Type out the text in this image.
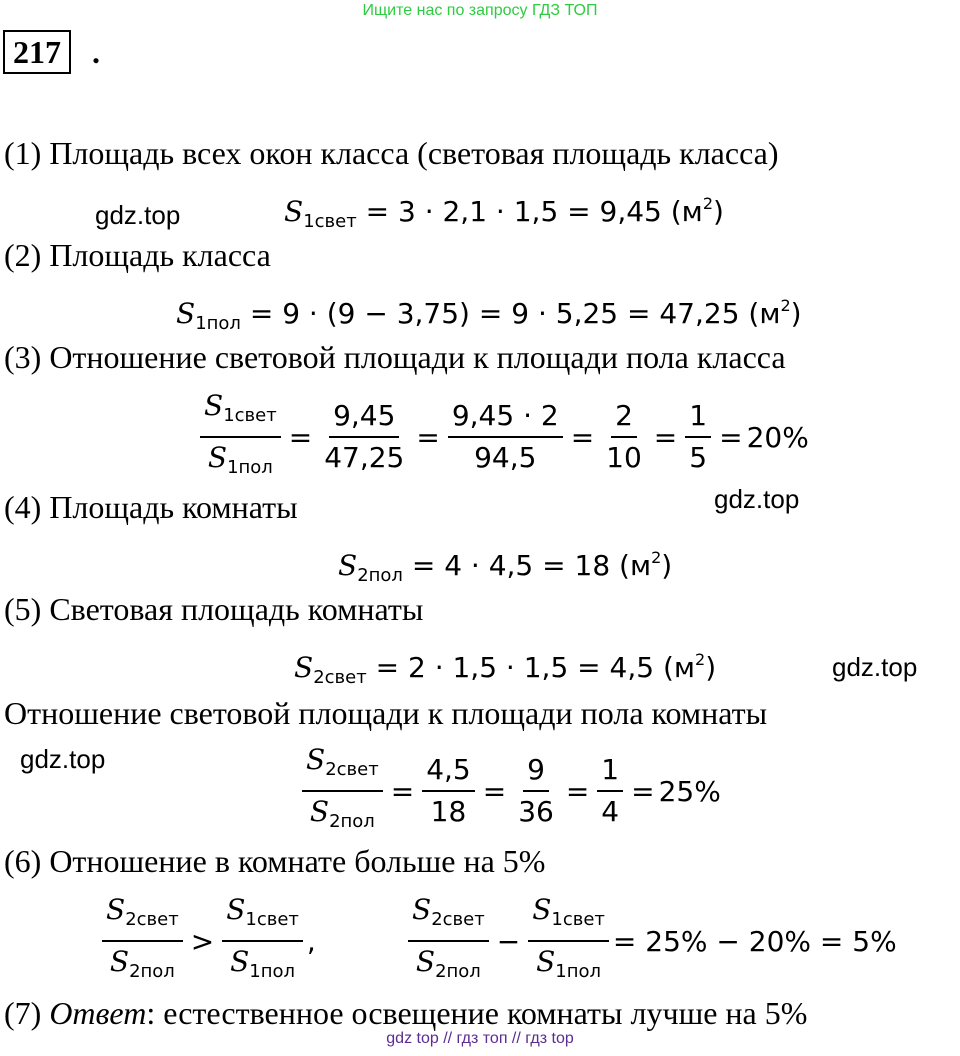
Ищите нас по запросу ГДЗ ТОП
217 .
(1) Площадь всех окон класса (световая площадь класса)
gdz.top	$S_{1свет} = 3 \cdot 2,1 \cdot 1,5 = 9,45$ $(м^2)$
(2) Площадь класса
$S_{1пол} = 9 \cdot (9 - 3,75) = 9 \cdot 5,25 = 47,25$ $(м^2)$
(3) Отношение световой площади к площади пола класса
$\frac{S_{1свет}}{S_{1пол}} = \frac{9,45}{47,25} = \frac{9,45 \cdot 2}{94,5} = \frac{2}{10} = \frac{1}{5} = 20\%$
(4) Площадь комнаты	gdz.top
$S_{2пол} = 4 \cdot 4,5 = 18$ $(м^2)$
(5) Световая площадь комнаты
$S_{2свет} = 2 \cdot 1,5 \cdot 1,5 = 4,5$ $(м^2)$	gdz.top
Отношение световой площади к площади пола комнаты
gdz.top	$\frac{S_{2свет}}{S_{2пол}} = \frac{4,5}{18} = \frac{9}{36} = \frac{1}{4} = 25\%$
(6) Отношение в комнате больше на 5%
$\frac{S_{2свет}}{S_{2пол}} > \frac{S_{1свет}}{S_{1пол}}$ ,	$\frac{S_{2свет}}{S_{2пол}} - \frac{S_{1свет}}{S_{1пол}} = 25\% - 20\% = 5\%$
(7) Ответ: естественное освещение комнаты лучше на 5%
gdz top // гдз топ // гдз top
